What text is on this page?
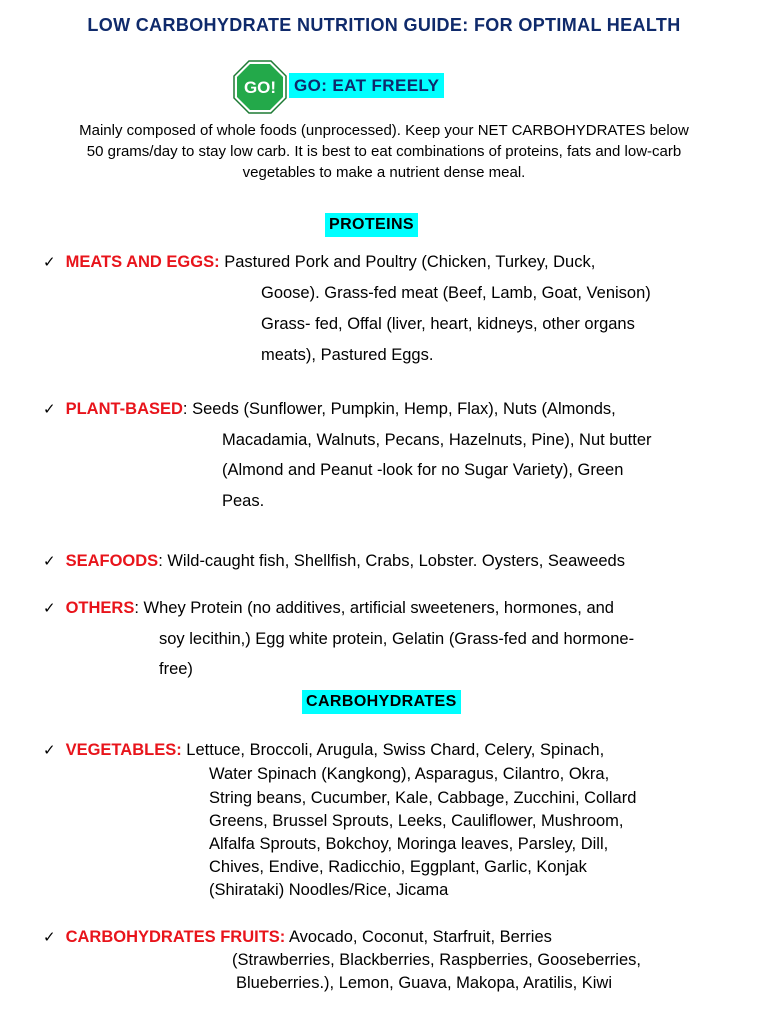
LOW CARBOHYDRATE NUTRITION GUIDE: FOR OPTIMAL HEALTH
GO! GO: EAT FREELY
Mainly composed of whole foods (unprocessed). Keep your NET CARBOHYDRATES below
50 grams/day to stay low carb. It is best to eat combinations of proteins, fats and low-carb
vegetables to make a nutrient dense meal.
PROTEINS
✓ MEATS AND EGGS: Pastured Pork and Poultry (Chicken, Turkey, Duck,
Goose). Grass-fed meat (Beef, Lamb, Goat, Venison)
Grass- fed, Offal (liver, heart, kidneys, other organs
meats), Pastured Eggs.
✓ PLANT-BASED: Seeds (Sunflower, Pumpkin, Hemp, Flax), Nuts (Almonds,
Macadamia, Walnuts, Pecans, Hazelnuts, Pine), Nut butter
(Almond and Peanut -look for no Sugar Variety), Green
Peas.
✓ SEAFOODS: Wild-caught fish, Shellfish, Crabs, Lobster. Oysters, Seaweeds
✓ OTHERS: Whey Protein (no additives, artificial sweeteners, hormones, and
soy lecithin,) Egg white protein, Gelatin (Grass-fed and hormone-
free)
CARBOHYDRATES
✓ VEGETABLES: Lettuce, Broccoli, Arugula, Swiss Chard, Celery, Spinach,
Water Spinach (Kangkong), Asparagus, Cilantro, Okra,
String beans, Cucumber, Kale, Cabbage, Zucchini, Collard
Greens, Brussel Sprouts, Leeks, Cauliflower, Mushroom,
Alfalfa Sprouts, Bokchoy, Moringa leaves, Parsley, Dill,
Chives, Endive, Radicchio, Eggplant, Garlic, Konjak
(Shirataki) Noodles/Rice, Jicama
✓ CARBOHYDRATES FRUITS: Avocado, Coconut, Starfruit, Berries
(Strawberries, Blackberries, Raspberries, Gooseberries,
Blueberries.), Lemon, Guava, Makopa, Aratilis, Kiwi
